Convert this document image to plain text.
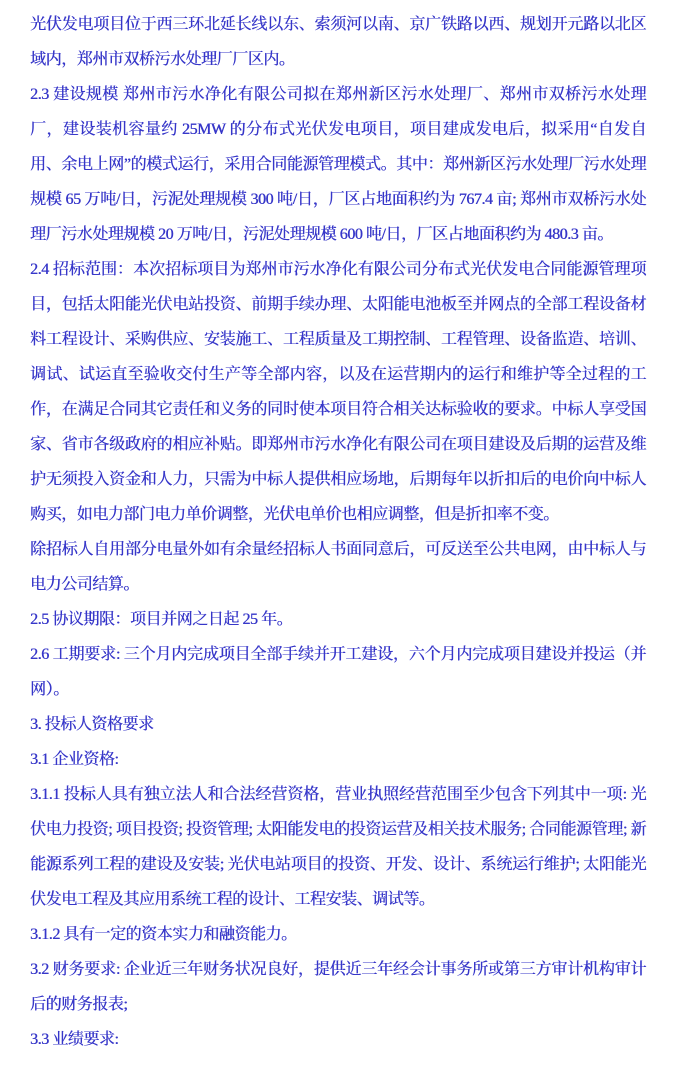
光伏发电项目位于西三环北延长线以东、索须河以南、京广铁路以西、规划开元路以北区域内，郑州市双桥污水处理厂厂区内。

2.3 建设规模 郑州市污水净化有限公司拟在郑州新区污水处理厂、郑州市双桥污水处理厂，建设装机容量约 25MW 的分布式光伏发电项目，项目建成发电后，拟采用“自发自用、余电上网”的模式运行，采用合同能源管理模式。其中：郑州新区污水处理厂污水处理规模 65 万吨/日，污泥处理规模 300 吨/日，厂区占地面积约为 767.4 亩; 郑州市双桥污水处理厂污水处理规模 20 万吨/日，污泥处理规模 600 吨/日，厂区占地面积约为 480.3 亩。

2.4 招标范围：本次招标项目为郑州市污水净化有限公司分布式光伏发电合同能源管理项目，包括太阳能光伏电站投资、前期手续办理、太阳能电池板至并网点的全部工程设备材料工程设计、采购供应、安装施工、工程质量及工期控制、工程管理、设备监造、培训、调试、试运直至验收交付生产等全部内容，以及在运营期内的运行和维护等全过程的工作，在满足合同其它责任和义务的同时使本项目符合相关达标验收的要求。中标人享受国家、省市各级政府的相应补贴。即郑州市污水净化有限公司在项目建设及后期的运营及维护无须投入资金和人力，只需为中标人提供相应场地，后期每年以折扣后的电价向中标人购买，如电力部门电力单价调整，光伏电单价也相应调整，但是折扣率不变。

除招标人自用部分电量外如有余量经招标人书面同意后，可反送至公共电网，由中标人与电力公司结算。

2.5 协议期限：项目并网之日起 25 年。

2.6 工期要求: 三个月内完成项目全部手续并开工建设，六个月内完成项目建设并投运（并网）。

3. 投标人资格要求

3.1 企业资格:

3.1.1 投标人具有独立法人和合法经营资格，营业执照经营范围至少包含下列其中一项: 光伏电力投资; 项目投资; 投资管理; 太阳能发电的投资运营及相关技术服务; 合同能源管理; 新能源系列工程的建设及安装; 光伏电站项目的投资、开发、设计、系统运行维护; 太阳能光伏发电工程及其应用系统工程的设计、工程安装、调试等。

3.1.2 具有一定的资本实力和融资能力。

3.2 财务要求: 企业近三年财务状况良好，提供近三年经会计事务所或第三方审计机构审计后的财务报表;

3.3 业绩要求:
